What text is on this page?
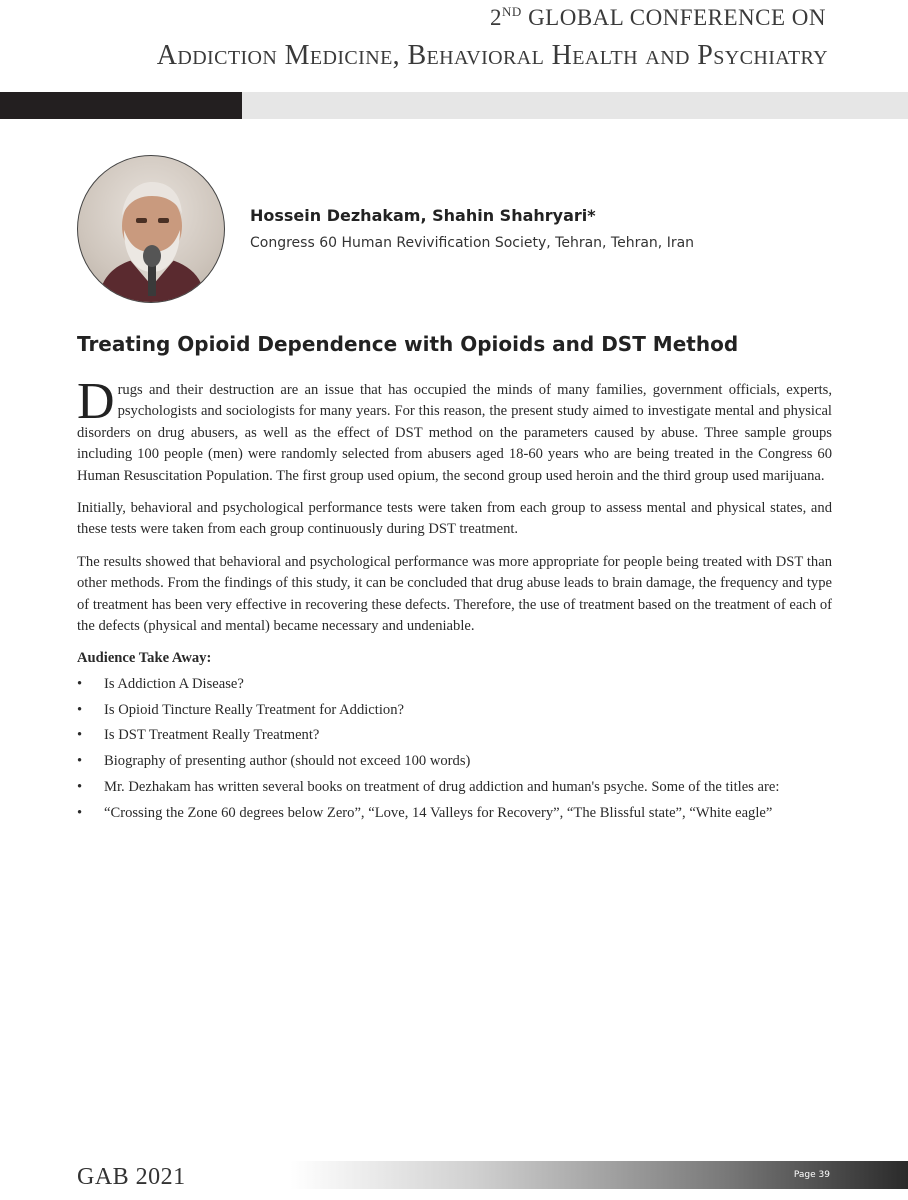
2ND GLOBAL CONFERENCE ON
Addiction Medicine, Behavioral Health and Psychiatry
Hossein Dezhakam, Shahin Shahryari*
Congress 60 Human Revivification Society, Tehran, Tehran, Iran
Treating Opioid Dependence with Opioids and DST Method

Drugs and their destruction are an issue that has occupied the minds of many families, government officials, experts, psychologists and sociologists for many years. For this reason, the present study aimed to investigate mental and physical disorders on drug abusers, as well as the effect of DST method on the parameters caused by abuse. Three sample groups including 100 people (men) were randomly selected from abusers aged 18-60 years who are being treated in the Congress 60 Human Resuscitation Population. The first group used opium, the second group used heroin and the third group used marijuana.

Initially, behavioral and psychological performance tests were taken from each group to assess mental and physical states, and these tests were taken from each group continuously during DST treatment.

The results showed that behavioral and psychological performance was more appropriate for people being treated with DST than other methods. From the findings of this study, it can be concluded that drug abuse leads to brain damage, the frequency and type of treatment has been very effective in recovering these defects. Therefore, the use of treatment based on the treatment of each of the defects (physical and mental) became necessary and undeniable.

Audience Take Away:
• Is Addiction A Disease?
• Is Opioid Tincture Really Treatment for Addiction?
• Is DST Treatment Really Treatment?
• Biography of presenting author (should not exceed 100 words)
• Mr. Dezhakam has written several books on treatment of drug addiction and human's psyche. Some of the titles are:
• “Crossing the Zone 60 degrees below Zero”, “Love, 14 Valleys for Recovery”, “The Blissful state”, “White eagle”
GAB 2021	Page 39
